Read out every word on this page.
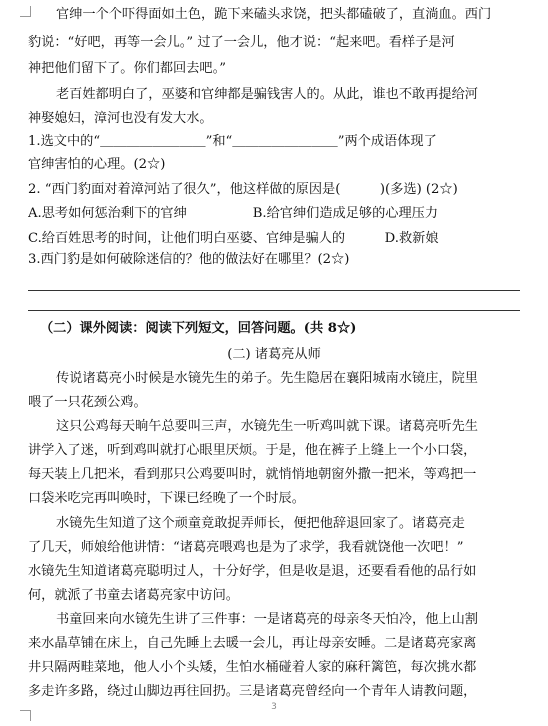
官绅一个个吓得面如土色，跪下来磕头求饶，把头都磕破了，直淌血。西门
豹说：“好吧，再等一会儿。” 过了一会儿，他才说：“起来吧。看样子是河
神把他们留下了。你们都回去吧。”
老百姓都明白了，巫婆和官绅都是骗钱害人的。从此，谁也不敢再提给河
神娶媳妇，漳河也没有发大水。
1.选文中的“＿＿＿＿＿＿＿＿”和“＿＿＿＿＿＿＿＿”两个成语体现了
官绅害怕的心理。(2☆)
2. “西门豹面对着漳河站了很久”，他这样做的原因是(　　　)(多选) (2☆)
A.思考如何惩治剩下的官绅　　　　　B.给官绅们造成足够的心理压力
C.给百姓思考的时间，让他们明白巫婆、官绅是骗人的　　　D.救新娘
3.西门豹是如何破除迷信的？他的做法好在哪里？(2☆)
（二）课外阅读：阅读下列短文，回答问题。(共 8☆)
(二) 诸葛亮从师
传说诸葛亮小时候是水镜先生的弟子。先生隐居在襄阳城南水镜庄，院里
喂了一只花颈公鸡。
这只公鸡每天晌午总要叫三声，水镜先生一听鸡叫就下课。诸葛亮听先生
讲学入了迷，听到鸡叫就打心眼里厌烦。于是，他在裤子上缝上一个小口袋，
每天装上几把米，看到那只公鸡要叫时，就悄悄地朝窗外撒一把米，等鸡把一
口袋米吃完再叫唤时，下课已经晚了一个时辰。
水镜先生知道了这个顽童竟敢捉弄师长，便把他辞退回家了。诸葛亮走
了几天，师娘给他讲情：“诸葛亮喂鸡也是为了求学，我看就饶他一次吧！”
水镜先生知道诸葛亮聪明过人，十分好学，但是收是退，还要看看他的品行如
何，就派了书童去诸葛亮家中访问。
书童回来向水镜先生讲了三件事：一是诸葛亮的母亲冬天怕冷，他上山割
来水晶草铺在床上，自己先睡上去暖一会儿，再让母亲安睡。二是诸葛亮家离
井只隔两畦菜地，他人小个头矮，生怕水桶碰着人家的麻秆篱笆，每次挑水都
多走许多路，绕过山脚边再往回扔。三是诸葛亮曾经向一个青年人请教问题，
3
